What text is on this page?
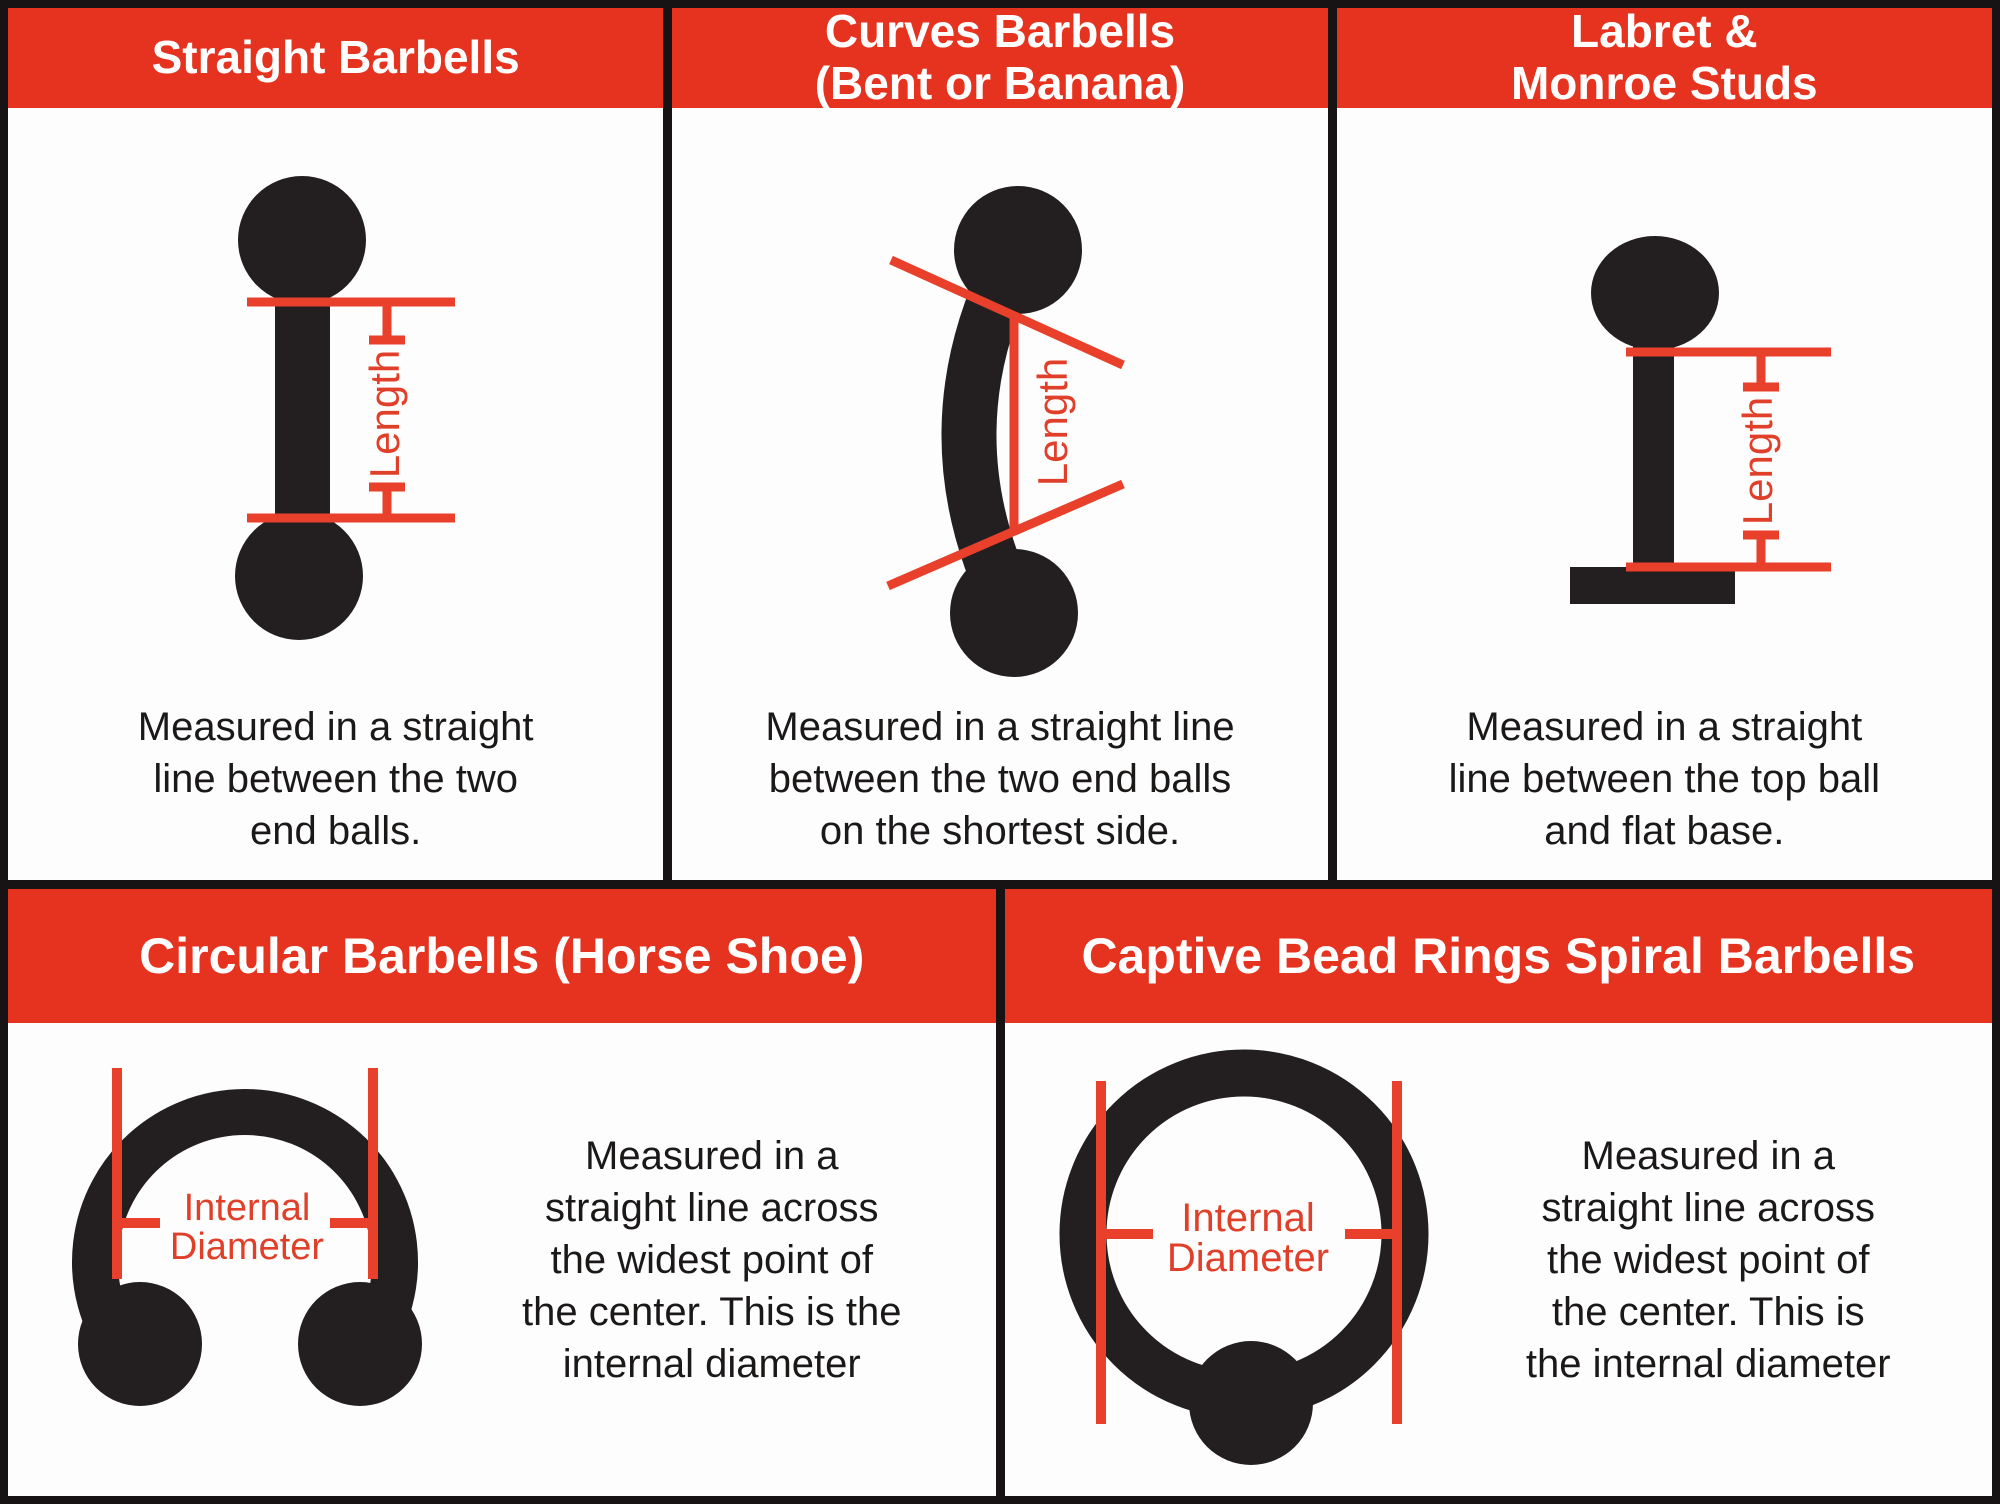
Straight Barbells
Length
Measured in a straight
line between the two
end balls.
Curves Barbells
(Bent or Banana)
Length
Measured in a straight line
between the two end balls
on the shortest side.
Labret &
Monroe Studs
Length
Measured in a straight
line between the top ball
and flat base.
Circular Barbells (Horse Shoe)
Internal
Diameter
Measured in a
straight line across
the widest point of
the center. This is the
internal diameter
Captive Bead Rings Spiral Barbells
Internal
Diameter
Measured in a
straight line across
the widest point of
the center. This is
the internal diameter
